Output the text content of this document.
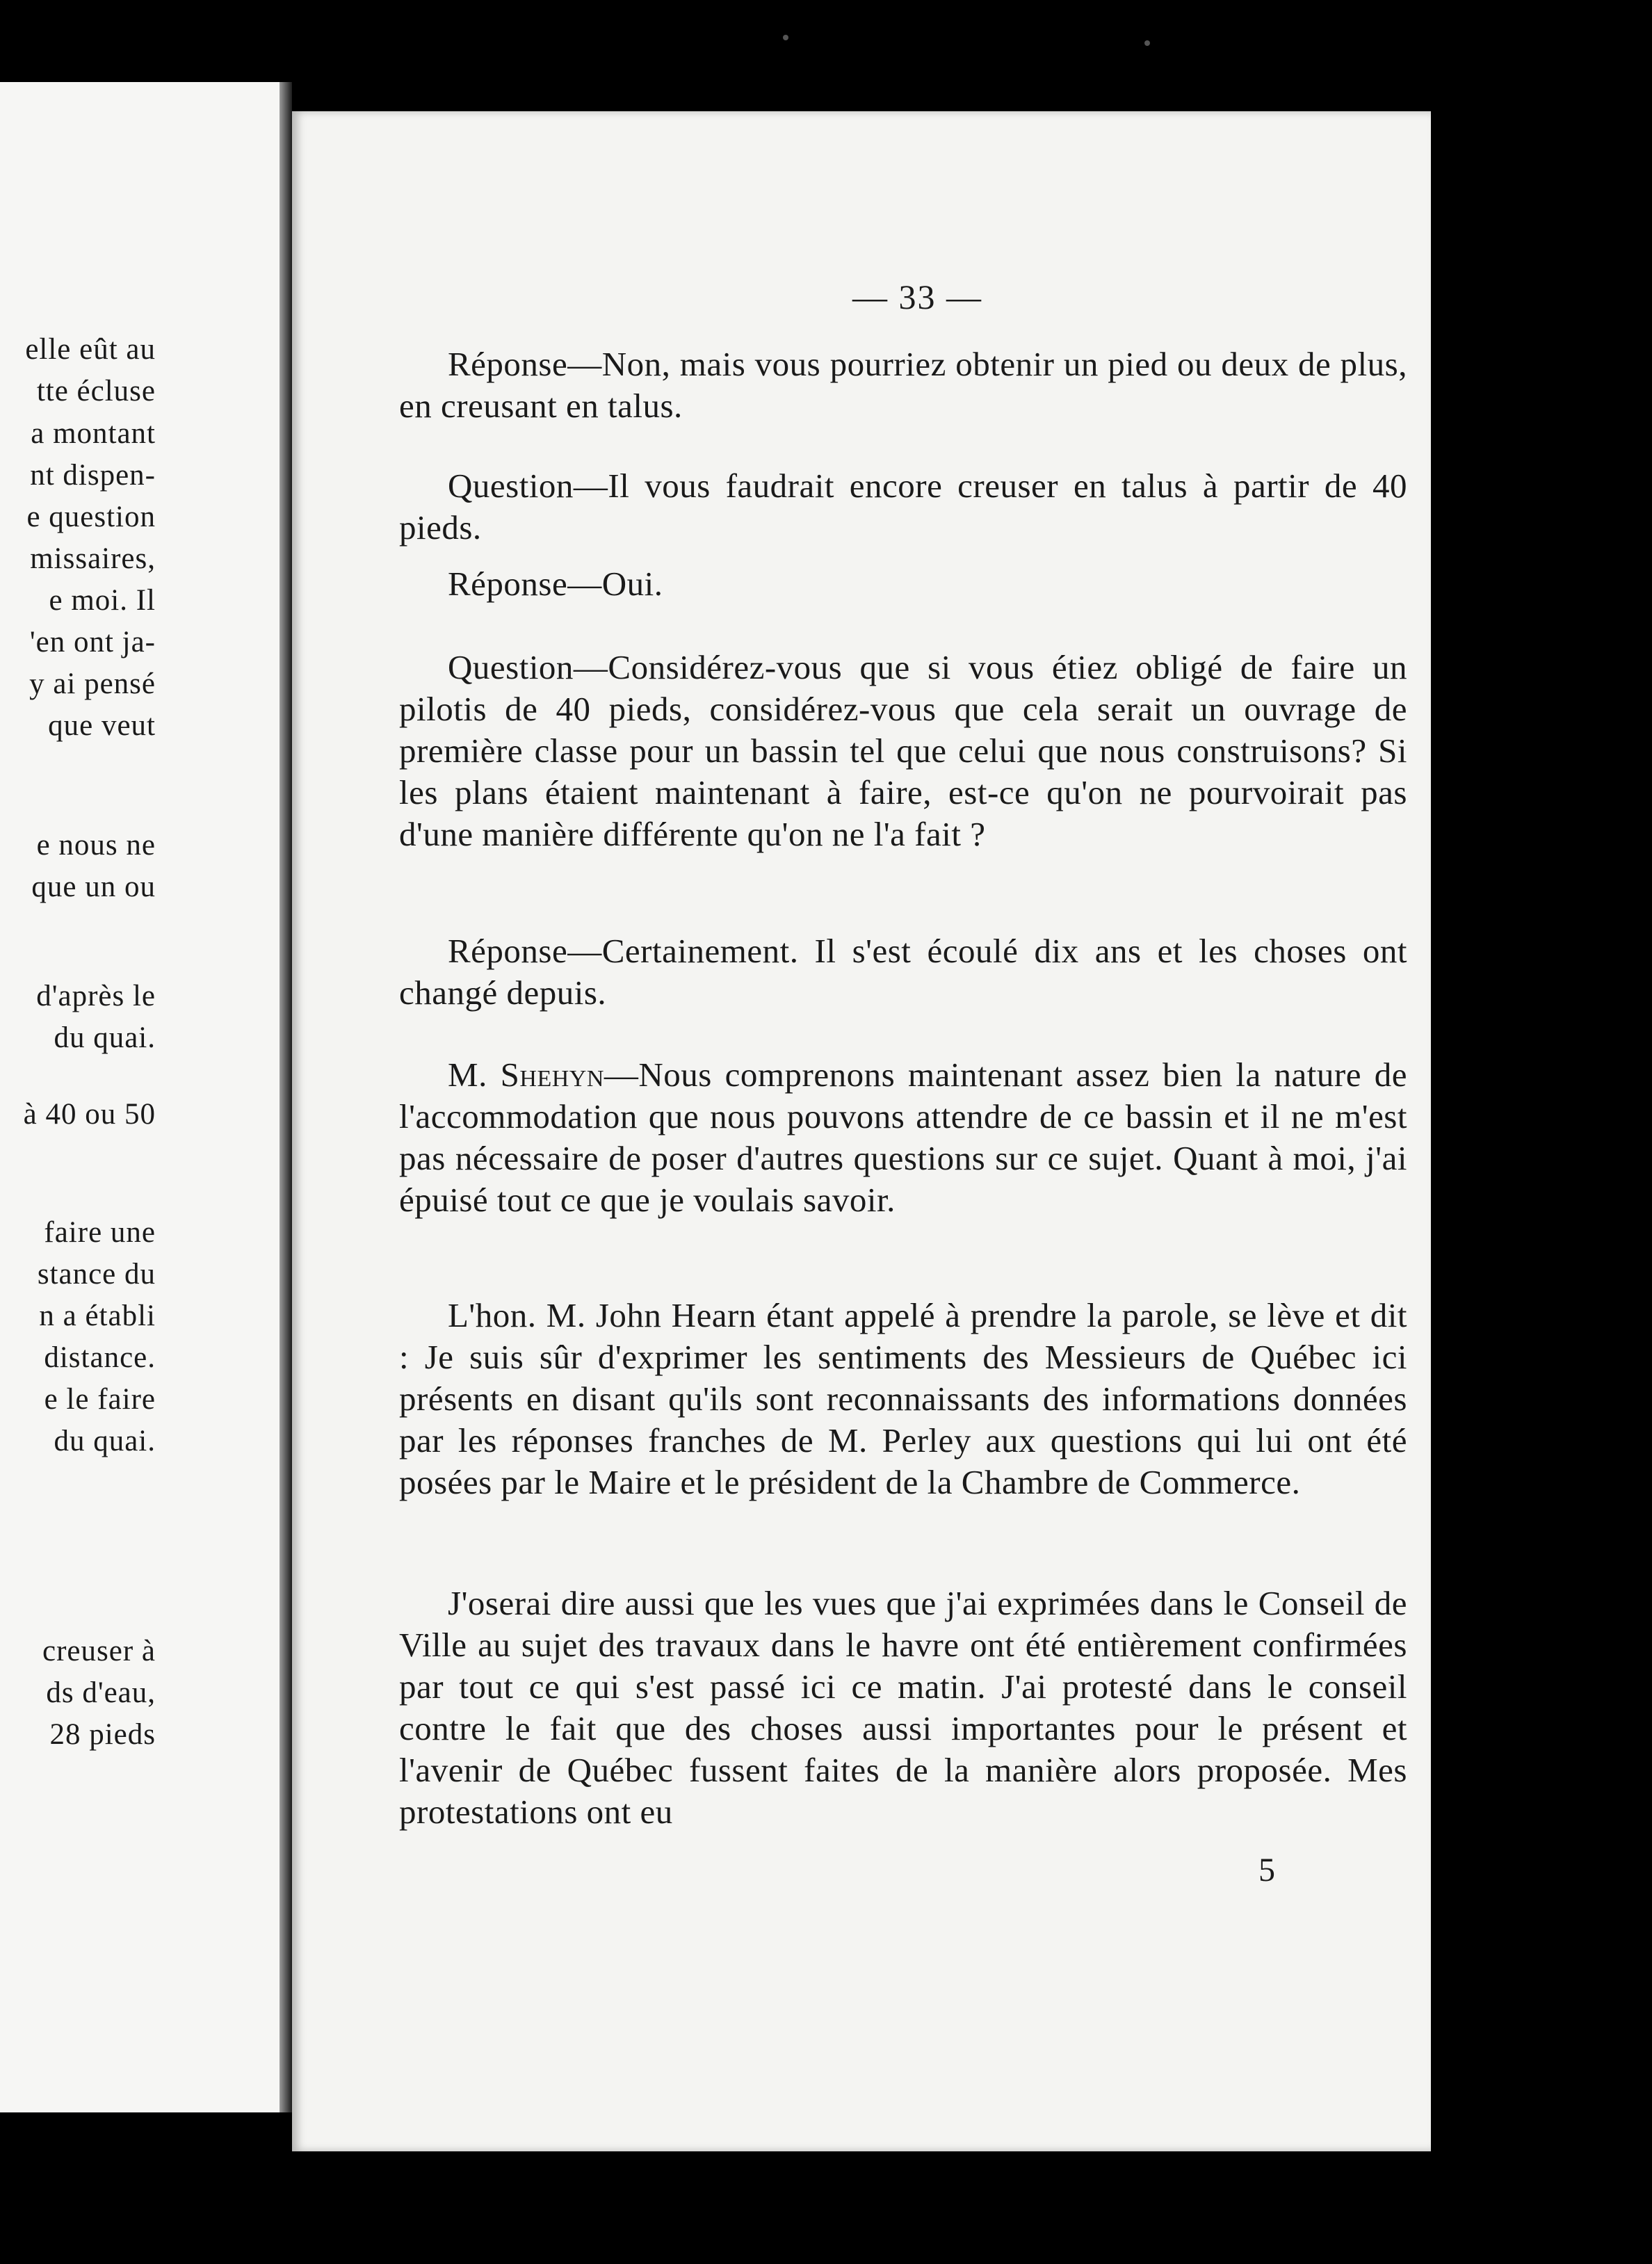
elle eût au
tte écluse
a montant
nt dispen-
e question
missaires,
e moi. Il
'en ont ja-
y ai pensé
que veut
e nous ne
que un ou
d'après le
du quai.
à 40 ou 50
faire une
stance du
n a établi
distance.
e le faire
du quai.
creuser à
ds d'eau,
28 pieds
— 33 —

Réponse—Non, mais vous pourriez obtenir un pied ou deux de plus, en creusant en talus.

Question—Il vous faudrait encore creuser en talus à partir de 40 pieds.

Réponse—Oui.

Question—Considérez-vous que si vous étiez obligé de faire un pilotis de 40 pieds, considérez-vous que cela serait un ouvrage de première classe pour un bassin tel que celui que nous construisons? Si les plans étaient maintenant à faire, est-ce qu'on ne pourvoirait pas d'une manière différente qu'on ne l'a fait ?

Réponse—Certainement. Il s'est écoulé dix ans et les choses ont changé depuis.

M. Shehyn—Nous comprenons maintenant assez bien la nature de l'accommodation que nous pouvons attendre de ce bassin et il ne m'est pas nécessaire de poser d'autres questions sur ce sujet. Quant à moi, j'ai épuisé tout ce que je voulais savoir.

L'hon. M. John Hearn étant appelé à prendre la parole, se lève et dit : Je suis sûr d'exprimer les sentiments des Messieurs de Québec ici présents en disant qu'ils sont reconnaissants des informations données par les réponses franches de M. Perley aux questions qui lui ont été posées par le Maire et le président de la Chambre de Commerce.

J'oserai dire aussi que les vues que j'ai exprimées dans le Conseil de Ville au sujet des travaux dans le havre ont été entièrement confirmées par tout ce qui s'est passé ici ce matin. J'ai protesté dans le conseil contre le fait que des choses aussi importantes pour le présent et l'avenir de Québec fussent faites de la manière alors proposée. Mes protestations ont eu

5
